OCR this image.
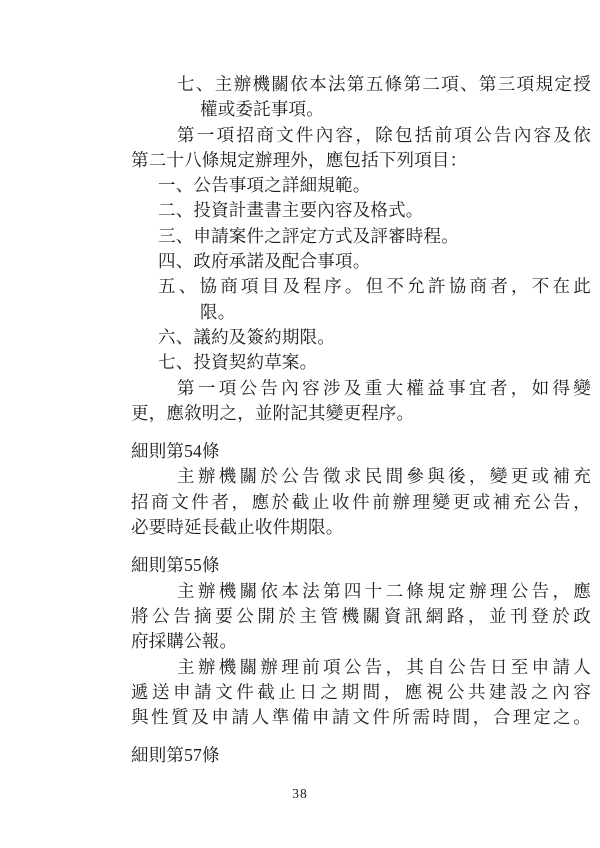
七、主辦機關依本法第五條第二項、第三項規定授
權或委託事項。
第一項招商文件內容，除包括前項公告內容及依
第二十八條規定辦理外，應包括下列項目：
一、公告事項之詳細規範。
二、投資計畫書主要內容及格式。
三、申請案件之評定方式及評審時程。
四、政府承諾及配合事項。
五、協商項目及程序。但不允許協商者，不在此
限。
六、議約及簽約期限。
七、投資契約草案。
第一項公告內容涉及重大權益事宜者，如得變
更，應敘明之，並附記其變更程序。
細則第54條
主辦機關於公告徵求民間參與後，變更或補充
招商文件者，應於截止收件前辦理變更或補充公告，
必要時延長截止收件期限。
細則第55條
主辦機關依本法第四十二條規定辦理公告，應
將公告摘要公開於主管機關資訊網路，並刊登於政
府採購公報。
主辦機關辦理前項公告，其自公告日至申請人
遞送申請文件截止日之期間，應視公共建設之內容
與性質及申請人準備申請文件所需時間，合理定之。
細則第57條
38
